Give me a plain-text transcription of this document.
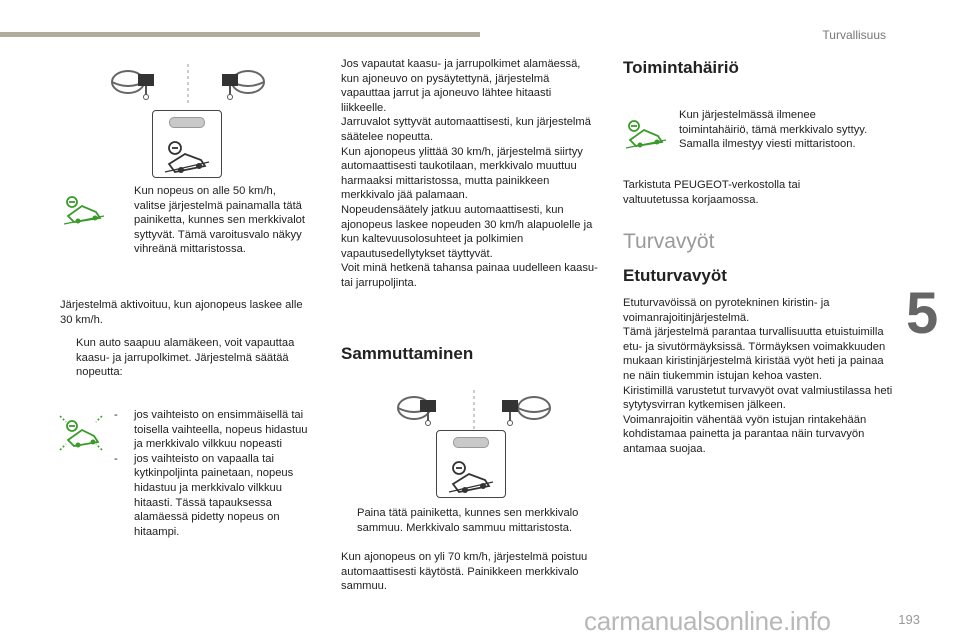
Turvallisuus
5
193
carmanualsonline.info
Kun nopeus on alle 50 km/h, valitse järjestelmä painamalla tätä painiketta, kunnes sen merkkivalot syttyvät. Tämä varoitusvalo näkyy vihreänä mittaristossa.
Järjestelmä aktivoituu, kun ajonopeus laskee alle 30 km/h.
Kun auto saapuu alamäkeen, voit vapauttaa kaasu- ja jarrupolkimet. Järjestelmä säätää nopeutta:
-	jos vaihteisto on ensimmäisellä tai toisella vaihteella, nopeus hidastuu ja merkkivalo vilkkuu nopeasti
-	jos vaihteisto on vapaalla tai kytkinpoljinta painetaan, nopeus hidastuu ja merkkivalo vilkkuu hitaasti. Tässä tapauksessa alamäessä pidetty nopeus on hitaampi.
Jos vapautat kaasu- ja jarrupolkimet alamäessä, kun ajoneuvo on pysäytettynä, järjestelmä vapauttaa jarrut ja ajoneuvo lähtee hitaasti liikkeelle.
Jarruvalot syttyvät automaattisesti, kun järjestelmä säätelee nopeutta.
Kun ajonopeus ylittää 30 km/h, järjestelmä siirtyy automaattisesti taukotilaan, merkkivalo muuttuu harmaaksi mittaristossa, mutta painikkeen merkkivalo jää palamaan.
Nopeudensäätely jatkuu automaattisesti, kun ajonopeus laskee nopeuden 30 km/h alapuolelle ja kun kaltevuusolosuhteet ja polkimien vapautusedellytykset täyttyvät.
Voit minä hetkenä tahansa painaa uudelleen kaasu- tai jarrupoljinta.
Sammuttaminen
Paina tätä painiketta, kunnes sen merkkivalo sammuu. Merkkivalo sammuu mittaristosta.
Kun ajonopeus on yli 70 km/h, järjestelmä poistuu automaattisesti käytöstä. Painikkeen merkkivalo sammuu.
Toimintahäiriö
Kun järjestelmässä ilmenee toimintahäiriö, tämä merkkivalo syttyy. Samalla ilmestyy viesti mittaristoon.
Tarkistuta PEUGEOT-verkostolla tai valtuutetussa korjaamossa.
Turvavyöt
Etuturvavyöt
Etuturvavöissä on pyrotekninen kiristin- ja voimanrajoitinjärjestelmä.
Tämä järjestelmä parantaa turvallisuutta etuistuimilla etu- ja sivutörmäyksissä. Törmäyksen voimakkuuden mukaan kiristinjärjestelmä kiristää vyöt heti ja painaa ne näin tiukemmin istujan kehoa vasten.
Kiristimillä varustetut turvavyöt ovat valmiustilassa heti sytytysvirran kytkemisen jälkeen.
Voimanrajoitin vähentää vyön istujan rintakehään kohdistamaa painetta ja parantaa näin turvavyön antamaa suojaa.
